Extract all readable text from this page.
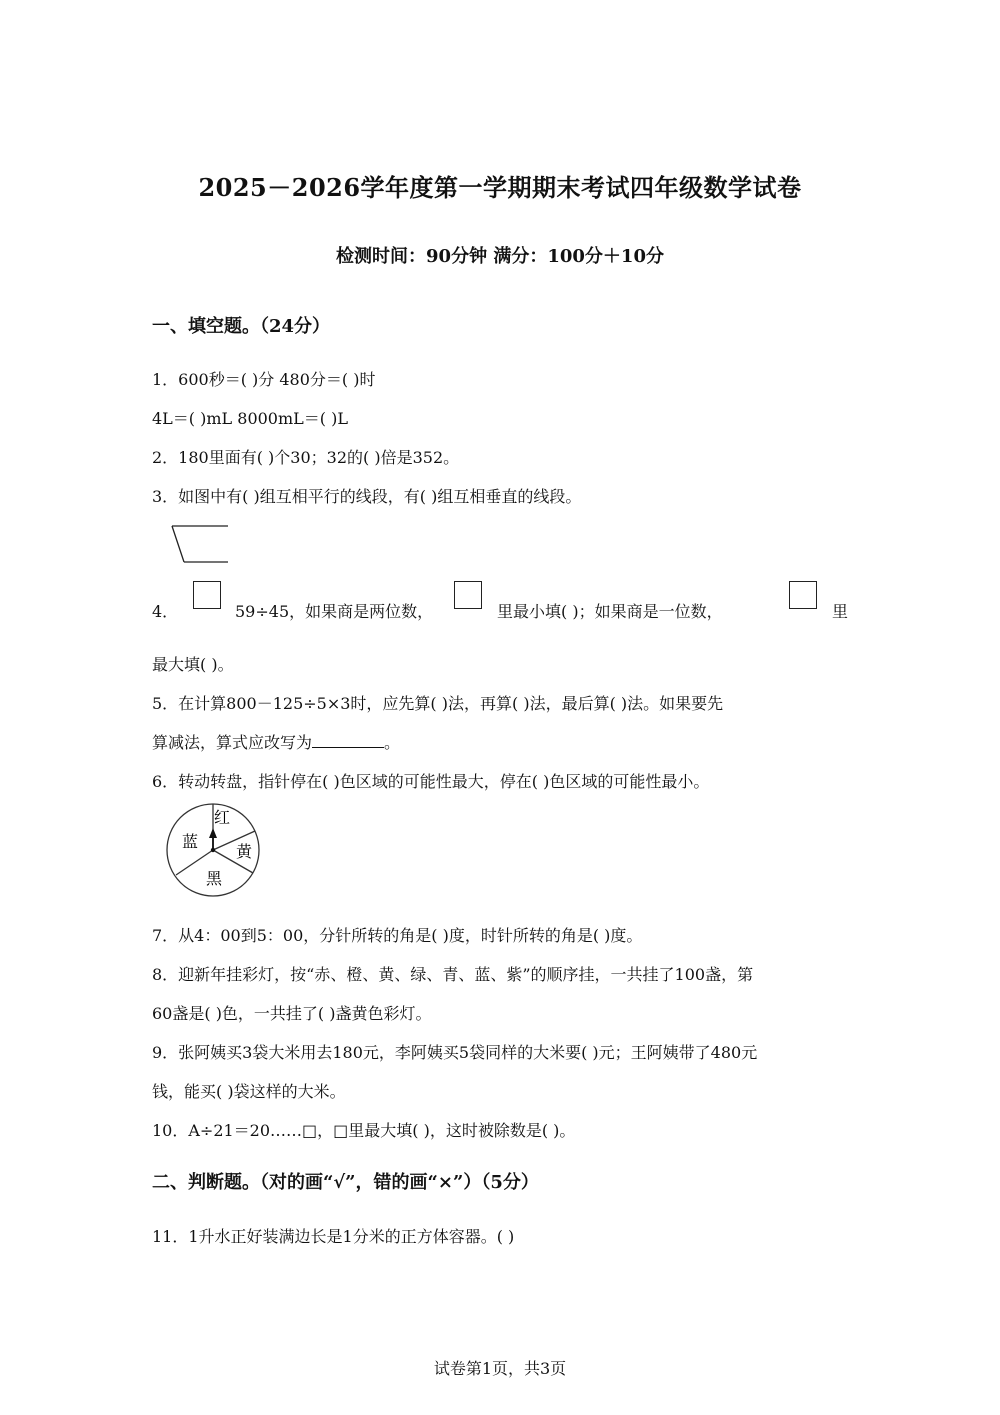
2025－2026学年度第一学期期末考试四年级数学试卷
检测时间：90分钟 满分：100分＋10分
一、填空题。（24分）
1．600秒＝( )分 480分＝( )时
4L＝( )mL 8000mL＝( )L
2．180里面有( )个30；32的( )倍是352。
3．如图中有( )组互相平行的线段，有( )组互相垂直的线段。
4．	59÷45，如果商是两位数，	里最小填( )；如果商是一位数，	里
最大填( )。
5．在计算800－125÷5×3时，应先算( )法，再算( )法，最后算( )法。如果要先
算减法，算式应改写为	。
6．转动转盘，指针停在( )色区域的可能性最大，停在( )色区域的可能性最小。
红
黄
黑
蓝
7．从4：00到5：00，分针所转的角是( )度，时针所转的角是( )度。
8．迎新年挂彩灯，按“赤、橙、黄、绿、青、蓝、紫”的顺序挂，一共挂了100盏，第
60盏是( )色，一共挂了( )盏黄色彩灯。
9．张阿姨买3袋大米用去180元，李阿姨买5袋同样的大米要( )元；王阿姨带了480元
钱，能买( )袋这样的大米。
10．A÷21＝20……□，□里最大填( )，这时被除数是( )。
二、判断题。（对的画“√”，错的画“×”）（5分）
11．1升水正好装满边长是1分米的正方体容器。( )
试卷第1页，共3页
